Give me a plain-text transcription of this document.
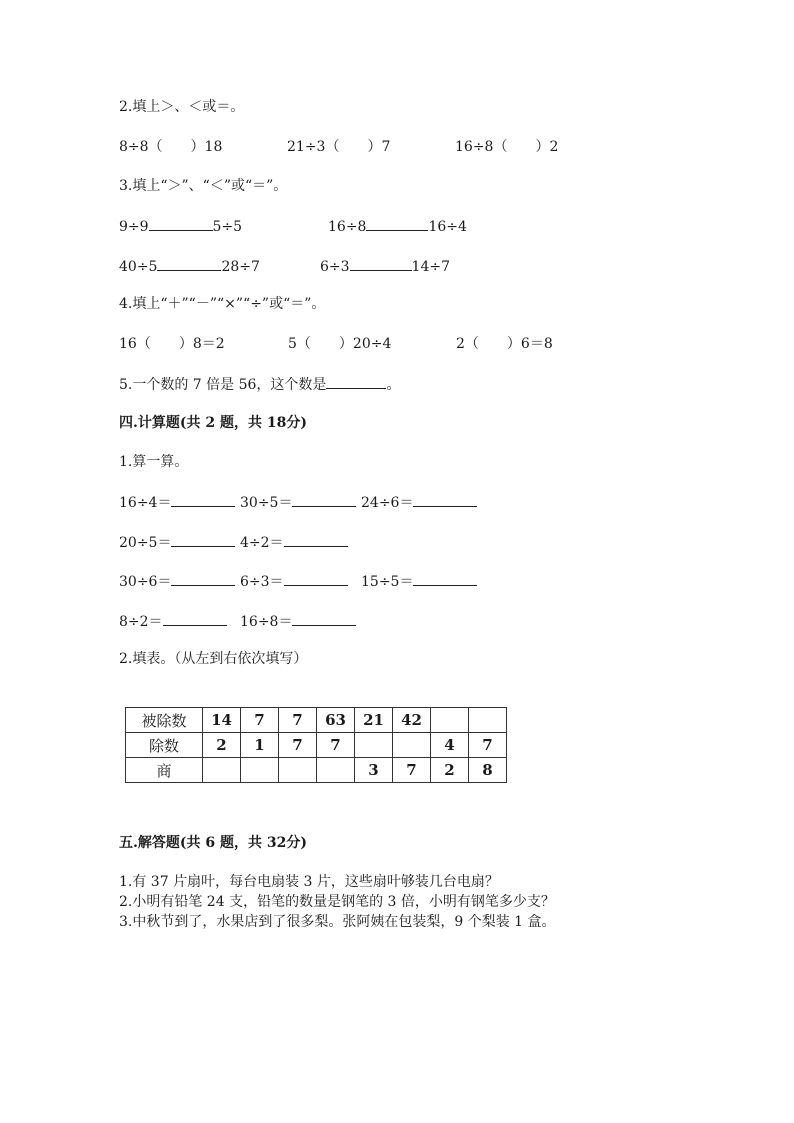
2.填上＞、＜或＝。
8÷8（　　）18	21÷3（　　）7	16÷8（　　）2
3.填上“＞”、“＜”或“＝”。
9÷9	5÷5	16÷8	16÷4
40÷5	28÷7	6÷3	14÷7
4.填上“＋”“－”“×”“÷”或“＝”。
16（　　）8＝2	5（　　）20÷4	2（　　）6＝8
5.一个数的 7 倍是 56，这个数是	。
四.计算题(共 2 题，共 18分)
1.算一算。
16÷4＝	30÷5＝	24÷6＝
20÷5＝	4÷2＝
30÷6＝	6÷3＝	15÷5＝
8÷2＝	16÷8＝
2.填表。（从左到右依次填写）
被除数	14	7	7	63	21	42		
除数	2	1	7	7			4	7
商					3	7	2	8
五.解答题(共 6 题，共 32分)
1.有 37 片扇叶，每台电扇装 3 片，这些扇叶够装几台电扇？
2.小明有铅笔 24 支，铅笔的数量是钢笔的 3 倍，小明有钢笔多少支？
3.中秋节到了，水果店到了很多梨。张阿姨在包装梨，9 个梨装 1 盒。
